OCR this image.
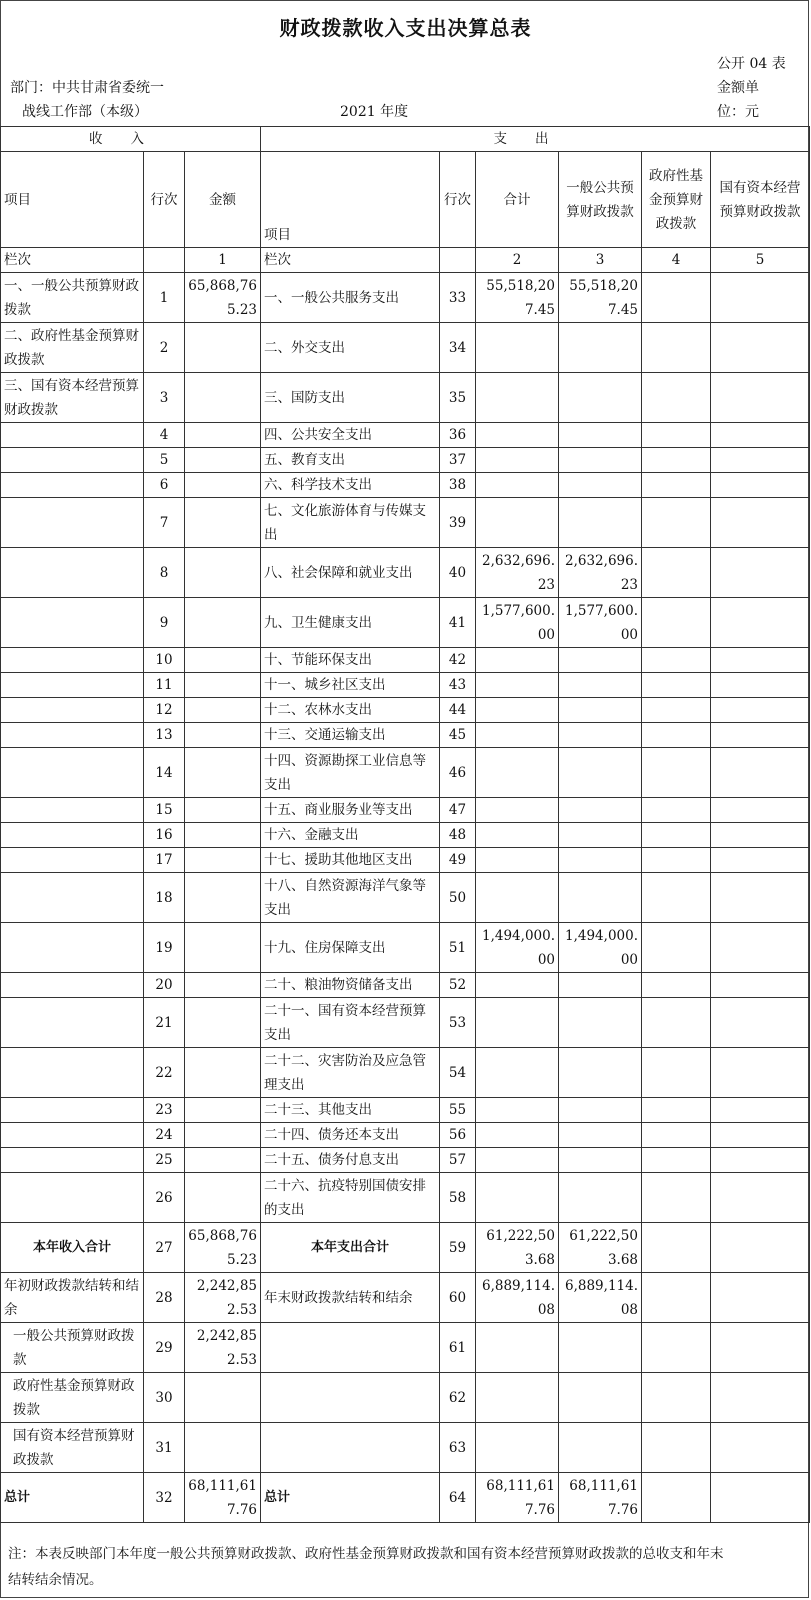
财政拨款收入支出决算总表
公开 04 表
部门：中共甘肃省委统一
战线工作部（本级）	2021 年度
金额单
位：元
收入			支出					
项目	行次	金额	项目	行次	合计	一般公共预算财政拨款	政府性基金预算财政拨款	国有资本经营预算财政拨款
栏次		1	栏次		2	3	4	5
一、一般公共预算财政拨款	1	65,868,765.23	一、一般公共服务支出	33	55,518,207.45	55,518,207.45		
二、政府性基金预算财政拨款	2		二、外交支出	34				
三、国有资本经营预算财政拨款	3		三、国防支出	35				
	4		四、公共安全支出	36				
	5		五、教育支出	37				
	6		六、科学技术支出	38				
	7		七、文化旅游体育与传媒支出	39				
	8		八、社会保障和就业支出	40	2,632,696.23	2,632,696.23		
	9		九、卫生健康支出	41	1,577,600.00	1,577,600.00		
	10		十、节能环保支出	42				
	11		十一、城乡社区支出	43				
	12		十二、农林水支出	44				
	13		十三、交通运输支出	45				
	14		十四、资源勘探工业信息等支出	46				
	15		十五、商业服务业等支出	47				
	16		十六、金融支出	48				
	17		十七、援助其他地区支出	49				
	18		十八、自然资源海洋气象等支出	50				
	19		十九、住房保障支出	51	1,494,000.00	1,494,000.00		
	20		二十、粮油物资储备支出	52				
	21		二十一、国有资本经营预算支出	53				
	22		二十二、灾害防治及应急管理支出	54				
	23		二十三、其他支出	55				
	24		二十四、债务还本支出	56				
	25		二十五、债务付息支出	57				
	26		二十六、抗疫特别国债安排的支出	58				
本年收入合计	27	65,868,765.23	本年支出合计	59	61,222,503.68	61,222,503.68		
年初财政拨款结转和结余	28	2,242,852.53	年末财政拨款结转和结余	60	6,889,114.08	6,889,114.08		
一般公共预算财政拨款	29	2,242,852.53		61				
政府性基金预算财政拨款	30			62				
国有资本经营预算财政拨款	31			63				
总计	32	68,111,617.76	总计	64	68,111,617.76	68,111,617.76		
注：本表反映部门本年度一般公共预算财政拨款、政府性基金预算财政拨款和国有资本经营预算财政拨款的总收支和年末结转结余情况。
